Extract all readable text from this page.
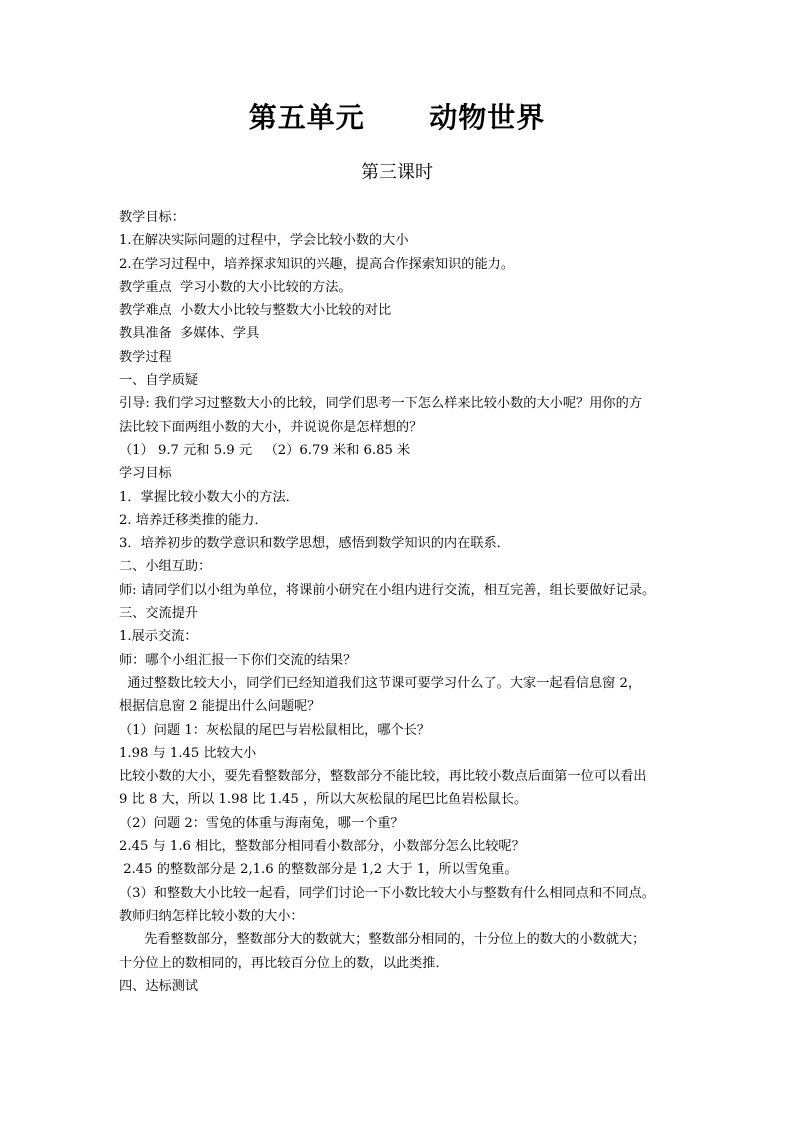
第五单元      动物世界
第三课时
教学目标：
1.在解决实际问题的过程中，学会比较小数的大小
2.在学习过程中，培养探求知识的兴趣，提高合作探索知识的能力。
教学重点  学习小数的大小比较的方法。
教学难点  小数大小比较与整数大小比较的对比
教具准备  多媒体、学具
教学过程
一、自学质疑
引导: 我们学习过整数大小的比较，同学们思考一下怎么样来比较小数的大小呢？用你的方
法比较下面两组小数的大小，并说说你是怎样想的？
（1） 9.7 元和 5.9 元   （2）6.79 米和 6.85 米
学习目标
1．掌握比较小数大小的方法．
2. 培养迁移类推的能力．
3．培养初步的数学意识和数学思想，感悟到数学知识的内在联系．
二、小组互助：
师: 请同学们以小组为单位，将课前小研究在小组内进行交流，相互完善，组长要做好记录。
三、交流提升
1.展示交流：
师：哪个小组汇报一下你们交流的结果？
通过整数比较大小，同学们已经知道我们这节课可要学习什么了。大家一起看信息窗 2，
根据信息窗 2 能提出什么问题呢？
（1）问题 1：灰松鼠的尾巴与岩松鼠相比，哪个长？
1.98 与 1.45 比较大小
比较小数的大小，要先看整数部分，整数部分不能比较，再比较小数点后面第一位可以看出
9 比 8 大，所以 1.98 比 1.45 ，所以大灰松鼠的尾巴比鱼岩松鼠长。
（2）问题 2：雪兔的体重与海南兔，哪一个重？
2.45 与 1.6 相比，整数部分相同看小数部分，小数部分怎么比较呢？
2.45 的整数部分是 2,1.6 的整数部分是 1,2 大于 1，所以雪兔重。
（3）和整数大小比较一起看，同学们讨论一下小数比较大小与整数有什么相同点和不同点。
教师归纳怎样比较小数的大小：
先看整数部分，整数部分大的数就大；整数部分相同的，十分位上的数大的小数就大；
十分位上的数相同的，再比较百分位上的数，以此类推．
四、达标测试
